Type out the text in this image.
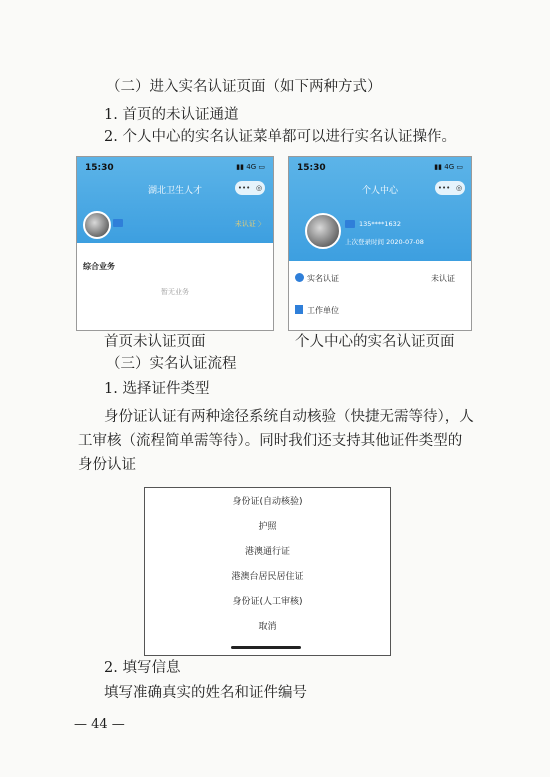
（二）进入实名认证页面（如下两种方式）
1. 首页的未认证通道
2. 个人中心的实名认证菜单都可以进行实名认证操作。
15:30	▮▮ 4G ▭
湖北卫生人才	••• ◎
未认证 〉
综合业务
暂无业务
15:30	▮▮ 4G ▭
个人中心	••• ◎
135****1632
上次登录时间 2020-07-08
实名认证	未认证
工作单位
首页未认证页面	个人中心的实名认证页面
（三）实名认证流程
1. 选择证件类型
身份证认证有两种途径系统自动核验（快捷无需等待），人
工审核（流程简单需等待）。同时我们还支持其他证件类型的
身份认证
身份证(自动核验)
护照
港澳通行证
港澳台居民居住证
身份证(人工审核)
取消
2. 填写信息
填写准确真实的姓名和证件编号
— 44 —
